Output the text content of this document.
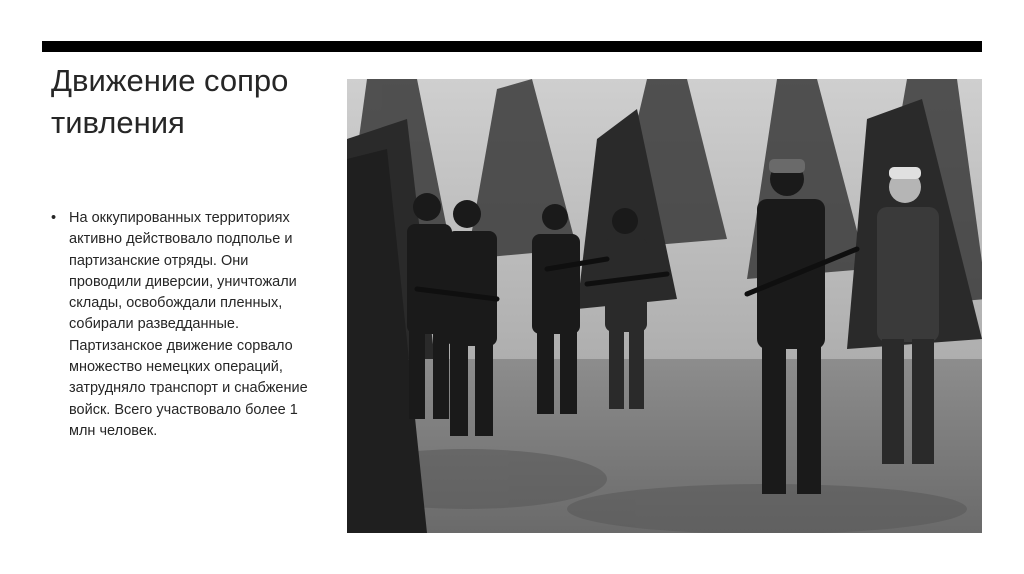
Движение сопротивления
• На оккупированных территориях активно действовало подполье и партизанские отряды. Они проводили диверсии, уничтожали склады, освобождали пленных, собирали разведданные. Партизанское движение сорвало множество немецких операций, затрудняло транспорт и снабжение войск. Всего участвовало более 1 млн человек.
